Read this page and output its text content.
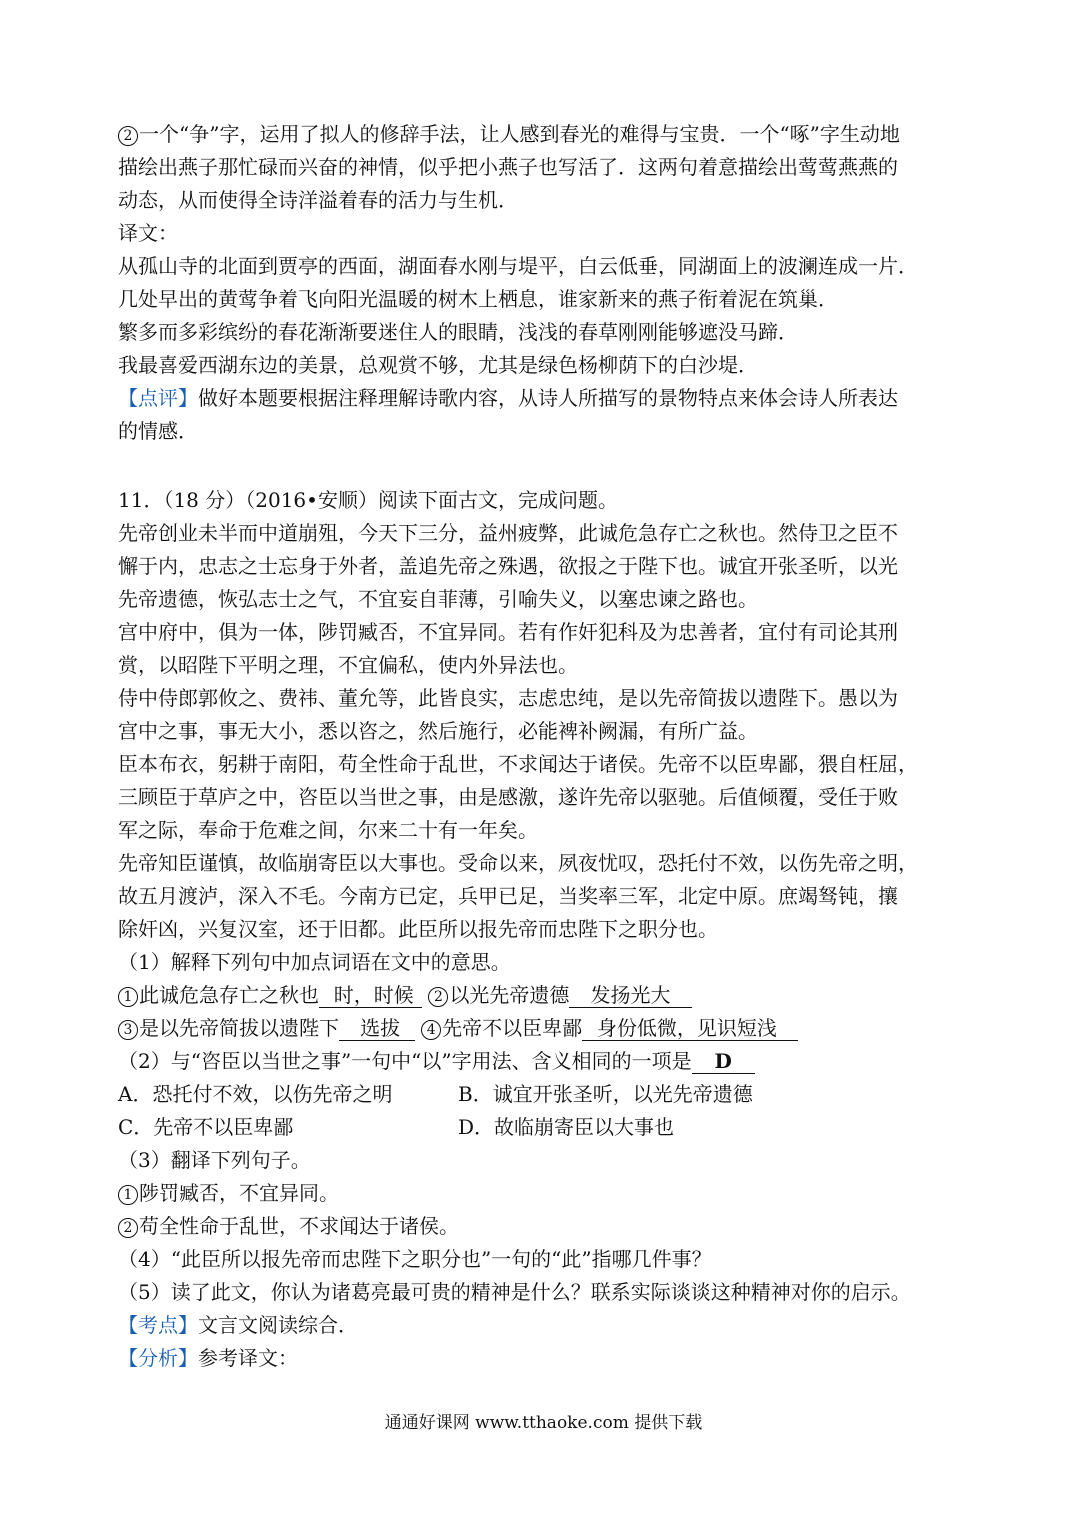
2 一个“争”字，运用了拟人的修辞手法，让人感到春光的难得与宝贵．一个“啄”字生动地
描绘出燕子那忙碌而兴奋的神情，似乎把小燕子也写活了．这两句着意描绘出莺莺燕燕的
动态，从而使得全诗洋溢着春的活力与生机．
译文：
从孤山寺的北面到贾亭的西面，湖面春水刚与堤平，白云低垂，同湖面上的波澜连成一片．
几处早出的黄莺争着飞向阳光温暖的树木上栖息，谁家新来的燕子衔着泥在筑巢．
繁多而多彩缤纷的春花渐渐要迷住人的眼睛，浅浅的春草刚刚能够遮没马蹄．
我最喜爱西湖东边的美景，总观赏不够，尤其是绿色杨柳荫下的白沙堤．
【点评】做好本题要根据注释理解诗歌内容，从诗人所描写的景物特点来体会诗人所表达
的情感．
11．（18 分）（2016•安顺）阅读下面古文，完成问题。
先帝创业未半而中道崩殂，今天下三分，益州疲弊，此诚危急存亡之秋也。然侍卫之臣不
懈于内，忠志之士忘身于外者，盖追先帝之殊遇，欲报之于陛下也。诚宜开张圣听，以光
先帝遗德，恢弘志士之气，不宜妄自菲薄，引喻失义，以塞忠谏之路也。
宫中府中，俱为一体，陟罚臧否，不宜异同。若有作奸犯科及为忠善者，宜付有司论其刑
赏，以昭陛下平明之理，不宜偏私，使内外异法也。
侍中侍郎郭攸之、费祎、董允等，此皆良实，志虑忠纯，是以先帝简拔以遗陛下。愚以为
宫中之事，事无大小，悉以咨之，然后施行，必能裨补阙漏，有所广益。
臣本布衣，躬耕于南阳，苟全性命于乱世，不求闻达于诸侯。先帝不以臣卑鄙，猥自枉屈，
三顾臣于草庐之中，咨臣以当世之事，由是感激，遂许先帝以驱驰。后值倾覆，受任于败
军之际，奉命于危难之间，尔来二十有一年矣。
先帝知臣谨慎，故临崩寄臣以大事也。受命以来，夙夜忧叹，恐托付不效，以伤先帝之明，
故五月渡泸，深入不毛。今南方已定，兵甲已足，当奖率三军，北定中原。庶竭驽钝，攘
除奸凶，兴复汉室，还于旧都。此臣所以报先帝而忠陛下之职分也。
（1）解释下列句中加点词语在文中的意思。
1 此诚危急存亡之秋也 时，时候 2 以光先帝遗德 发扬光大
3 是以先帝简拔以遗陛下 选拔 4 先帝不以臣卑鄙 身份低微，见识短浅
（2）与“咨臣以当世之事”一句中“以”字用法、含义相同的一项是 D
A．恐托付不效，以伤先帝之明	B．诚宜开张圣听，以光先帝遗德
C．先帝不以臣卑鄙	D．故临崩寄臣以大事也
（3）翻译下列句子。
1 陟罚臧否，不宜异同。
2 苟全性命于乱世，不求闻达于诸侯。
（4）“此臣所以报先帝而忠陛下之职分也”一句的“此”指哪几件事？
（5）读了此文，你认为诸葛亮最可贵的精神是什么？联系实际谈谈这种精神对你的启示。
【考点】文言文阅读综合．
【分析】参考译文：
通通好课网 www.tthaoke.com 提供下载
